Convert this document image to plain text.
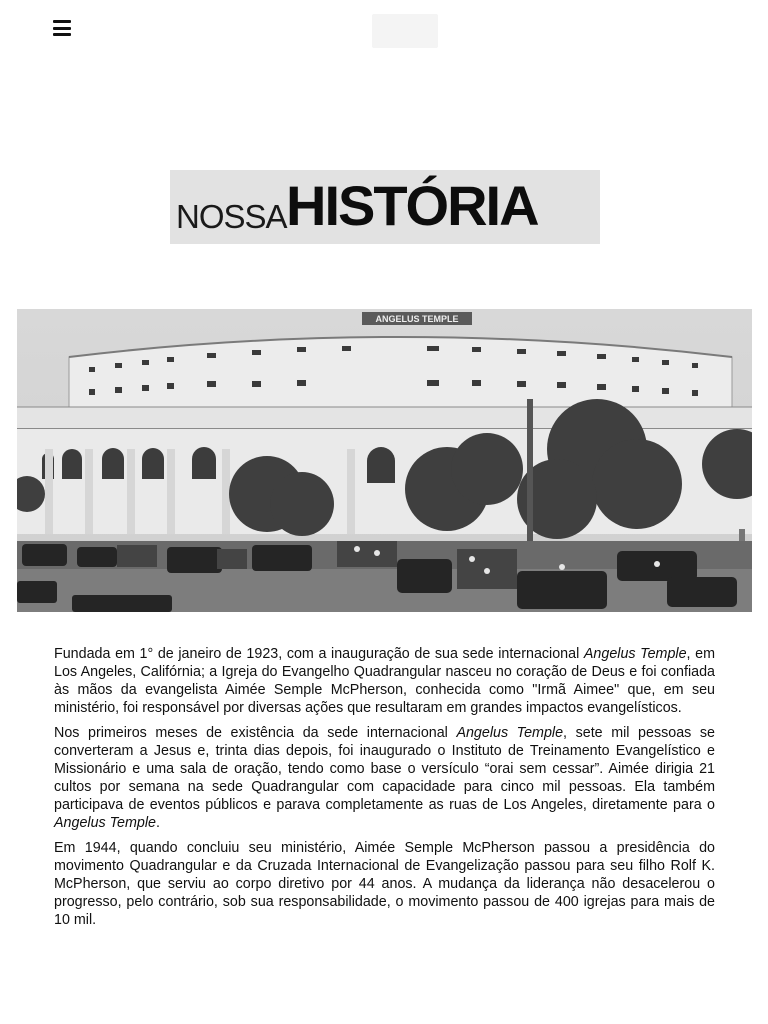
NOSSA HISTÓRIA
ANGELUS TEMPLE

Fundada em 1° de janeiro de 1923, com a inauguração de sua sede internacional Angelus Temple, em Los Angeles, Califórnia; a Igreja do Evangelho Quadrangular nasceu no coração de Deus e foi confiada às mãos da evangelista Aimée Semple McPherson, conhecida como "Irmã Aimee" que, em seu ministério, foi responsável por diversas ações que resultaram em grandes impactos evangelísticos.

Nos primeiros meses de existência da sede internacional Angelus Temple, sete mil pessoas se converteram a Jesus e, trinta dias depois, foi inaugurado o Instituto de Treinamento Evangelístico e Missionário e uma sala de oração, tendo como base o versículo “orai sem cessar”. Aimée dirigia 21 cultos por semana na sede Quadrangular com capacidade para cinco mil pessoas. Ela também participava de eventos públicos e parava completamente as ruas de Los Angeles, diretamente para o Angelus Temple.

Em 1944, quando concluiu seu ministério, Aimée Semple McPherson passou a presidência do movimento Quadrangular e da Cruzada Internacional de Evangelização passou para seu filho Rolf K. McPherson, que serviu ao corpo diretivo por 44 anos. A mudança da liderança não desacelerou o progresso, pelo contrário, sob sua responsabilidade, o movimento passou de 400 igrejas para mais de 10 mil.
